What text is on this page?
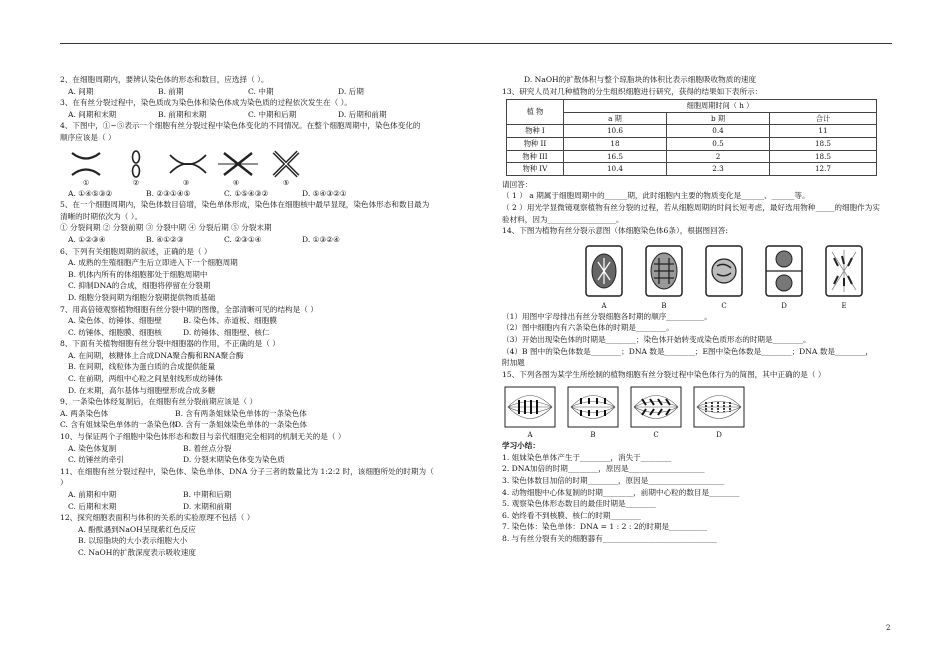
2、在细胞周期内，要辨认染色体的形态和数目，应选择（ ）。
A. 间期	B. 前期	C. 中期	D. 后期
3、在有丝分裂过程中，染色质成为染色体和染色体成为染色质的过程依次发生在（ ）。
A. 间期和末期	B. 前期和末期	C. 中期和后期	D. 后期和前期
4、下图中，①~⑤表示一个细胞有丝分裂过程中染色体变化的不同情况。在整个细胞周期中，染色体变化的
顺序应该是（ ）
①	②	③	④	⑤
A. ①④⑤③②	B. ②③①④⑤	C. ①⑤④③②	D. ⑤④③②①
5、在一个细胞周期内，染色体数目倍增，染色单体形成，染色体在细胞核中最早显现，染色体形态和数目最为
清晰的时期依次为（ ）。
① 分裂间期 ② 分裂前期 ③ 分裂中期 ④ 分裂后期 ⑤ 分裂末期
A. ①②③④	B. ④①②③	C. ②③①④	D. ①③②④
6、下列有关细胞周期的叙述，正确的是（ ）
A. 成熟的生殖细胞产生后立即进入下一个细胞周期
B. 机体内所有的体细胞都处于细胞周期中
C. 抑制DNA的合成，细胞将停留在分裂期
D. 细胞分裂间期为细胞分裂期提供物质基础
7、用高倍镜观察植物细胞有丝分裂中期的图像，全部清晰可见的结构是（ ）
A. 染色体、纺锤体、细胞壁	B. 染色体、赤道板、细胞膜
C. 纺锤体、细胞膜、细胞核	D. 纺锤体、细胞壁、核仁
8、下面有关植物细胞有丝分裂中细胞器的作用，不正确的是（ ）
A. 在间期，核糖体上合成DNA聚合酶和RNA聚合酶
B. 在间期，线粒体为蛋白质的合成提供能量
C. 在前期，两组中心粒之间星射线形成纺锤体
D. 在末期，高尔基体与细胞壁形成合成多糖
9、一条染色体经复制后，在细胞有丝分裂前期应该是（ ）
A. 两条染色体	B. 含有两条姐妹染色单体的一条染色体
C. 含有姐妹染色单体的一条染色体D. 含有一条姐妹染色单体的一条染色体
10、与保证两个子细胞中染色体形态和数目与亲代细胞完全相同的机制无关的是（ ）
A. 染色体复制	B. 着丝点分裂
C. 纺锤丝的牵引	D. 分裂末期染色体变为染色质
11、在细胞有丝分裂过程中，染色体、染色单体、DNA 分子三者的数量比为 1:2:2 时，该细胞所处的时期为（
）
A. 前期和中期	B. 中期和后期
C. 后期和末期	D. 末期和前期
12、探究细胞表面积与体积的关系的实验原理不包括（ ）
A. 酚酞遇到NaOH呈现紫红色反应
B. 以琼脂块的大小表示细胞大小
C. NaOH的扩散深度表示吸收速度
D. NaOH的扩散体积与整个琼脂块的体积比表示细胞吸收物质的速度
13、研究人员对几种植物的分生组织细胞进行研究，获得的结果如下表所示：
植 物	细胞周期时间（ h ）		
	a 期	b 期	合计
物种 I	10.6	0.4	11
物种 II	18	0.5	18.5
物种 III	16.5	2	18.5
物种 IV	10.4	2.3	12.7
请回答：
（ 1 ） a 期属于细胞周期中的______期，此时细胞内主要的物质变化是______、______等。
（ 2 ）用光学显微镜观察植物有丝分裂的过程，若从细胞周期的时间长短考虑，最好选用物种_____的细胞作为实
验材料，因为__________________。
14、下图为植物有丝分裂示意图（体细胞染色体6条），根据图回答:
A	B	C	D	E
（1）用图中字母排出有丝分裂细胞各时期的顺序__________。
（2）图中细胞内有六条染色体的时期是________。
（3）开始出现染色体的时期是________；染色体开始转变成染色质形态的时期是________。
（4）B 图中的染色体数是________；DNA 数是________；E图中染色体数是________；DNA 数是________，
附加题
15、下列各图为某学生所绘制的植物细胞有丝分裂过程中染色体行为的简图，其中正确的是（ ）
A	B	C	D
学习小结：
1. 姐妹染色单体产生于________，消失于________
2. DNA加倍的时期________，原因是____________________
3. 染色体数目加倍的时期________，原因是____________________
4. 动物细胞中心体复制的时期________，前期中心粒的数目是________
5. 观察染色体形态数目的最佳时期是________
6. 始终看不到核膜、核仁的时期________
7. 染色体：染色单体：DNA = 1 : 2 : 2的时期是__________
8. 与有丝分裂有关的细胞器有______________________________
2
